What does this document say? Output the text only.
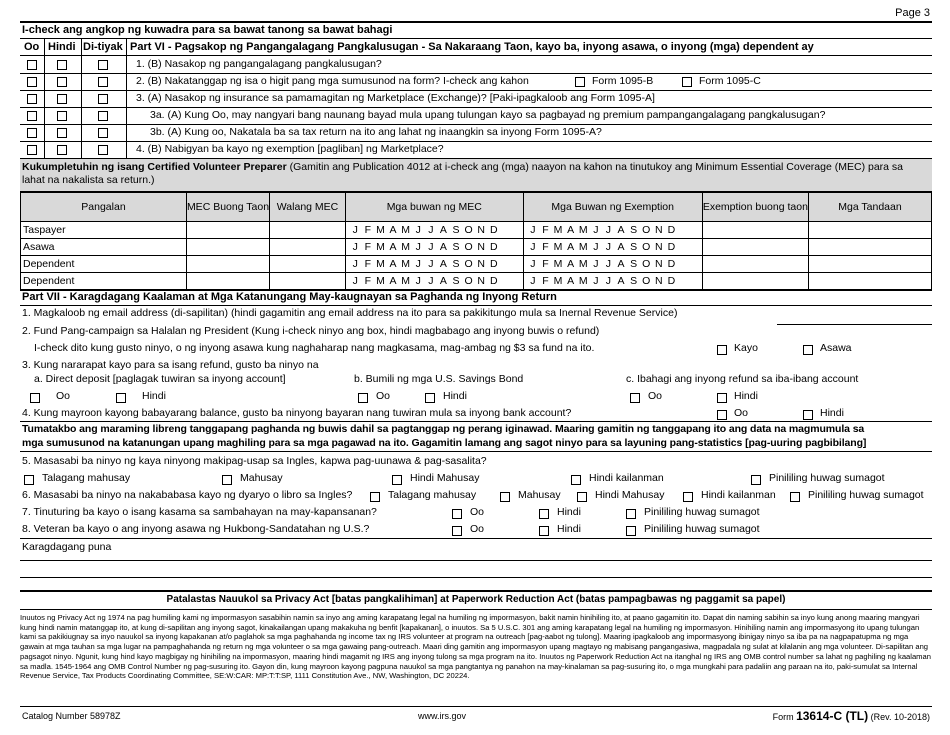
Page 3
I-check ang angkop ng kuwadra para sa bawat tanong sa bawat bahagi
Oo Hindi Di-tiyak Part VI - Pagsakop ng Pangangalagang Pangkalusugan - Sa Nakaraang Taon, kayo ba, inyong asawa, o inyong (mga) dependent ay
1. (B) Nasakop ng pangangalagang pangkalusugan?
2. (B) Nakatanggap ng isa o higit pang mga sumusunod na form? I-check ang kahon	Form 1095-B	Form 1095-C
3. (A) Nasakop ng insurance sa pamamagitan ng Marketplace (Exchange)? [Paki-ipagkaloob ang Form 1095-A]
3a. (A) Kung Oo, may nangyari bang naunang bayad mula upang tulungan kayo sa pagbayad ng premium pampangangalagang pangkalusugan?
3b. (A) Kung oo, Nakatala ba sa tax return na ito ang lahat ng inaangkin sa inyong Form 1095-A?
4. (B) Nabigyan ba kayo ng exemption [pagliban] ng Marketplace?
Kukumpletuhin ng isang Certified Volunteer Preparer (Gamitin ang Publication 4012 at i-check ang (mga) naayon na kahon na tinutukoy ang Minimum Essential Coverage (MEC) para sa lahat na nakalista sa return.)
Pangalan	MEC Buong Taon	Walang MEC	Mga buwan ng MEC	Mga Buwan ng Exemption	Exemption buong taon	Mga Tandaan
Taspayer			J F M A M J J A S O N D	J F M A M J J A S O N D		
Asawa			J F M A M J J A S O N D	J F M A M J J A S O N D		
Dependent			J F M A M J J A S O N D	J F M A M J J A S O N D		
Dependent			J F M A M J J A S O N D	J F M A M J J A S O N D		
Part VII - Karagdagang Kaalaman at Mga Katanungang May-kaugnayan sa Paghanda ng Inyong Return
1. Magkaloob ng email address (di-sapilitan) (hindi gagamitin ang email address na ito para sa pakikitungo mula sa Inernal Revenue Service)
2. Fund Pang-campaign sa Halalan ng President (Kung i-check ninyo ang box, hindi magbabago ang inyong buwis o refund)
I-check dito kung gusto ninyo, o ng inyong asawa kung naghaharap nang magkasama, mag-ambag ng $3 sa fund na ito.	Kayo	Asawa
3. Kung nararapat kayo para sa isang refund, gusto ba ninyo na
a. Direct deposit [paglagak tuwiran sa inyong account]	b. Bumili ng mga U.S. Savings Bond	c. Ibahagi ang inyong refund sa iba-ibang account
Oo	Hindi	Oo	Hindi	Oo	Hindi
4. Kung mayroon kayong babayarang balance, gusto ba ninyong bayaran nang tuwiran mula sa inyong bank account?	Oo	Hindi
Tumatakbo ang maraming libreng tanggapang paghanda ng buwis dahil sa pagtanggap ng perang iginawad. Maaring gamitin ng tanggapang ito ang data na magmumula sa
mga sumusunod na katanungan upang maghiling para sa mga pagawad na ito. Gagamitin lamang ang sagot ninyo para sa layuning pang-statistics [pag-uuring pagbibilang]
5. Masasabi ba ninyo ng kaya ninyong makipag-usap sa Ingles, kapwa pag-uunawa & pag-sasalita?
Talagang mahusay	Mahusay	Hindi Mahusay	Hindi kailanman	Pinililing huwag sumagot
6. Masasabi ba ninyo na nakababasa kayo ng dyaryo o libro sa Ingles?	Talagang mahusay	Mahusay	Hindi Mahusay	Hindi kailanman	Pinililing huwag sumagot
7. Tinuturing ba kayo o isang kasama sa sambahayan na may-kapansanan?	Oo	Hindi	Pinililing huwag sumagot
8. Veteran ba kayo o ang inyong asawa ng Hukbong-Sandatahan ng U.S.?	Oo	Hindi	Pinililing huwag sumagot
Karagdagang puna
Patalastas Nauukol sa Privacy Act [batas pangkalihiman] at Paperwork Reduction Act (batas pampagbawas ng paggamit sa papel)
Inuutos ng Privacy Act ng 1974 na pag humiling kami ng impormasyon sasabihin namin sa inyo ang aming karapatang legal na humiling ng impormasyon, bakit namin hinihiling ito, at paano gagamitin ito. Dapat din naming sabihin sa inyo kung anong maaring mangyari kung hindi namin matanggap ito, at kung di-sapilitan ang inyong sagot, kinakailangan upang makakuha ng benfit [kapakanan], o inuutos. Sa 5 U.S.C. 301 ang aming karapatang legal na humiling ng impormasyon. Hinihiling namin ang impormasyong ito upang tulungan kami sa pakikiugnay sa inyo nauukol sa inyong kapakanan at/o paglahok sa mga paghahanda ng income tax ng IRS volunteer at program na outreach [pag-aabot ng tulong]. Maaring ipagkaloob ang impormasyong ibinigay ninyo sa iba pa na nagpapatupma ng mga gawain at mga tauhan sa mga lugar na pampaghahanda ng return ng mga volunteer o sa mga gawaing pang-outreach. Maari ding gamitin ang impormasyon upang magtayo ng mabisang pangangasiwa, magpadala ng sulat at kilalanin ang mga volunteer. Di-sapilitan ang pagsagot ninyo. Ngunit, kung hind kayo magbigay ng hinihiling na impormasyon, maaring hindi magamit ng IRS ang inyong tulong sa mga program na ito. Inuutos ng Paperwork Reduction Act na itanghal ng IRS ang OMB control number sa lahat ng paghiling ng kaalaman sa madla. 1545-1964 ang OMB Control Number ng pag-susuring ito. Gayon din, kung mayroon kayong pagpuna nauukol sa mga pangtantya ng panahon na may-kinalaman sa pag-susuring ito, o mga mungkahi para padaliin ang paraan na ito, paki-sumulat sa Internal Revenue Service, Tax Products Coordinating Committee, SE:W:CAR: MP:T:T:SP, 1111 Constitution Ave., NW, Washington, DC 20224.
Catalog Number 58978Z	www.irs.gov	Form 13614-C (TL) (Rev. 10-2018)
